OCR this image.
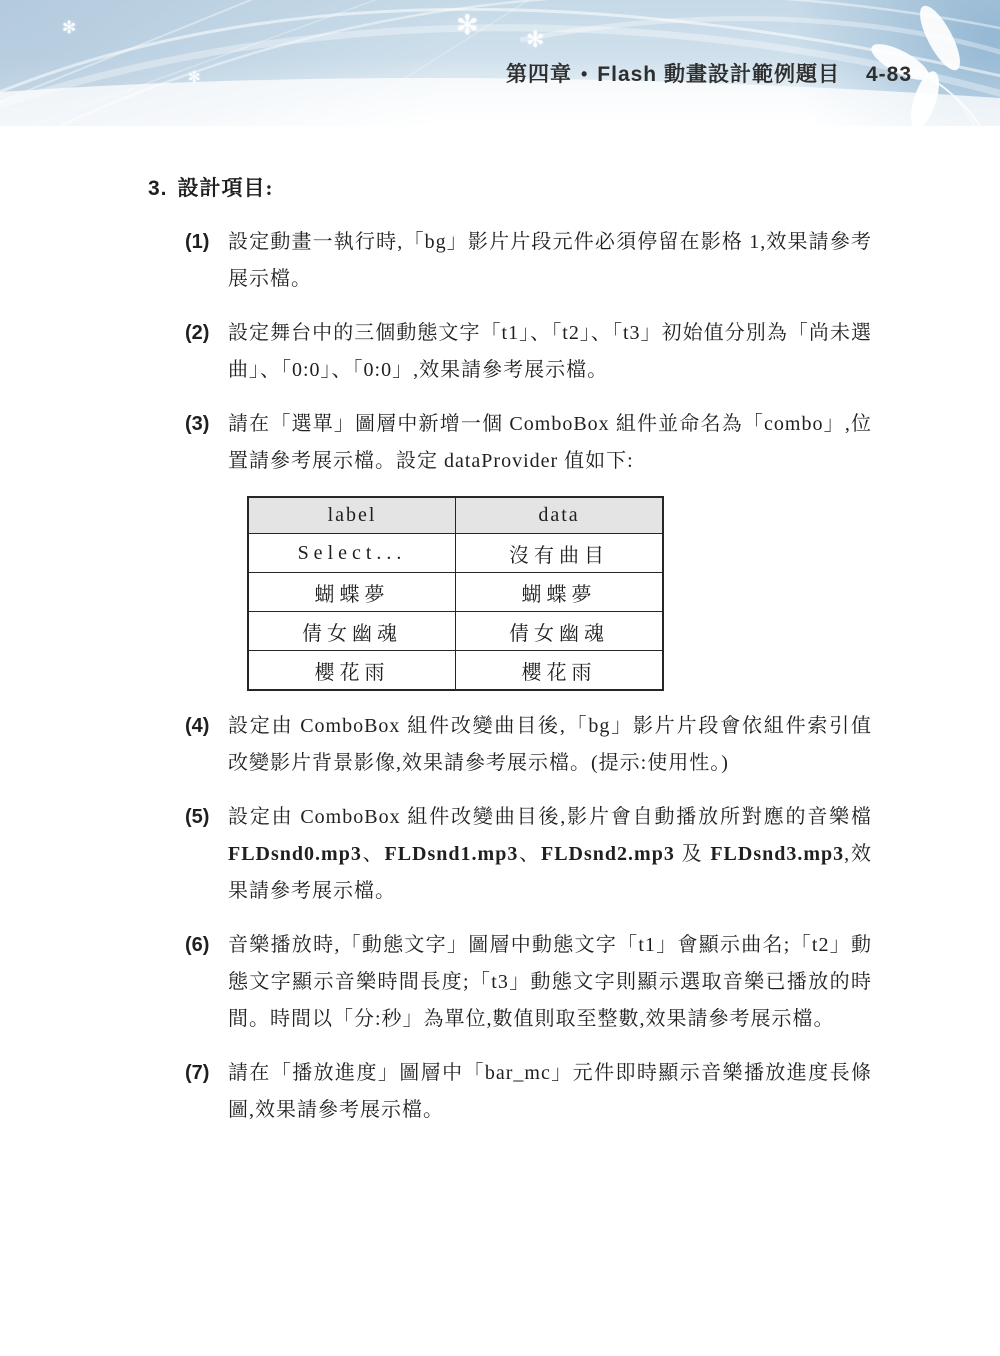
✻
✻
✻ ✻
第四章 • Flash 動畫設計範例題目 4-83
3. 設計項目:
(1) 設定動畫一執行時,「bg」影片片段元件必須停留在影格 1,效果請參考展示檔。
(2) 設定舞台中的三個動態文字「t1」、「t2」、「t3」初始值分別為「尚未選曲」、「0:0」、「0:0」,效果請參考展示檔。
(3) 請在「選單」圖層中新增一個 ComboBox 組件並命名為「combo」,位置請參考展示檔。設定 dataProvider 值如下:
label	data
Select...	沒有曲目
蝴蝶夢	蝴蝶夢
倩女幽魂	倩女幽魂
櫻花雨	櫻花雨
(4) 設定由 ComboBox 組件改變曲目後,「bg」影片片段會依組件索引值改變影片背景影像,效果請參考展示檔。(提示:使用性。)
(5) 設定由 ComboBox 組件改變曲目後,影片會自動播放所對應的音樂檔 FLDsnd0.mp3、FLDsnd1.mp3、FLDsnd2.mp3 及 FLDsnd3.mp3,效果請參考展示檔。
(6) 音樂播放時,「動態文字」圖層中動態文字「t1」會顯示曲名;「t2」動態文字顯示音樂時間長度;「t3」動態文字則顯示選取音樂已播放的時間。時間以「分:秒」為單位,數值則取至整數,效果請參考展示檔。
(7) 請在「播放進度」圖層中「bar_mc」元件即時顯示音樂播放進度長條圖,效果請參考展示檔。
